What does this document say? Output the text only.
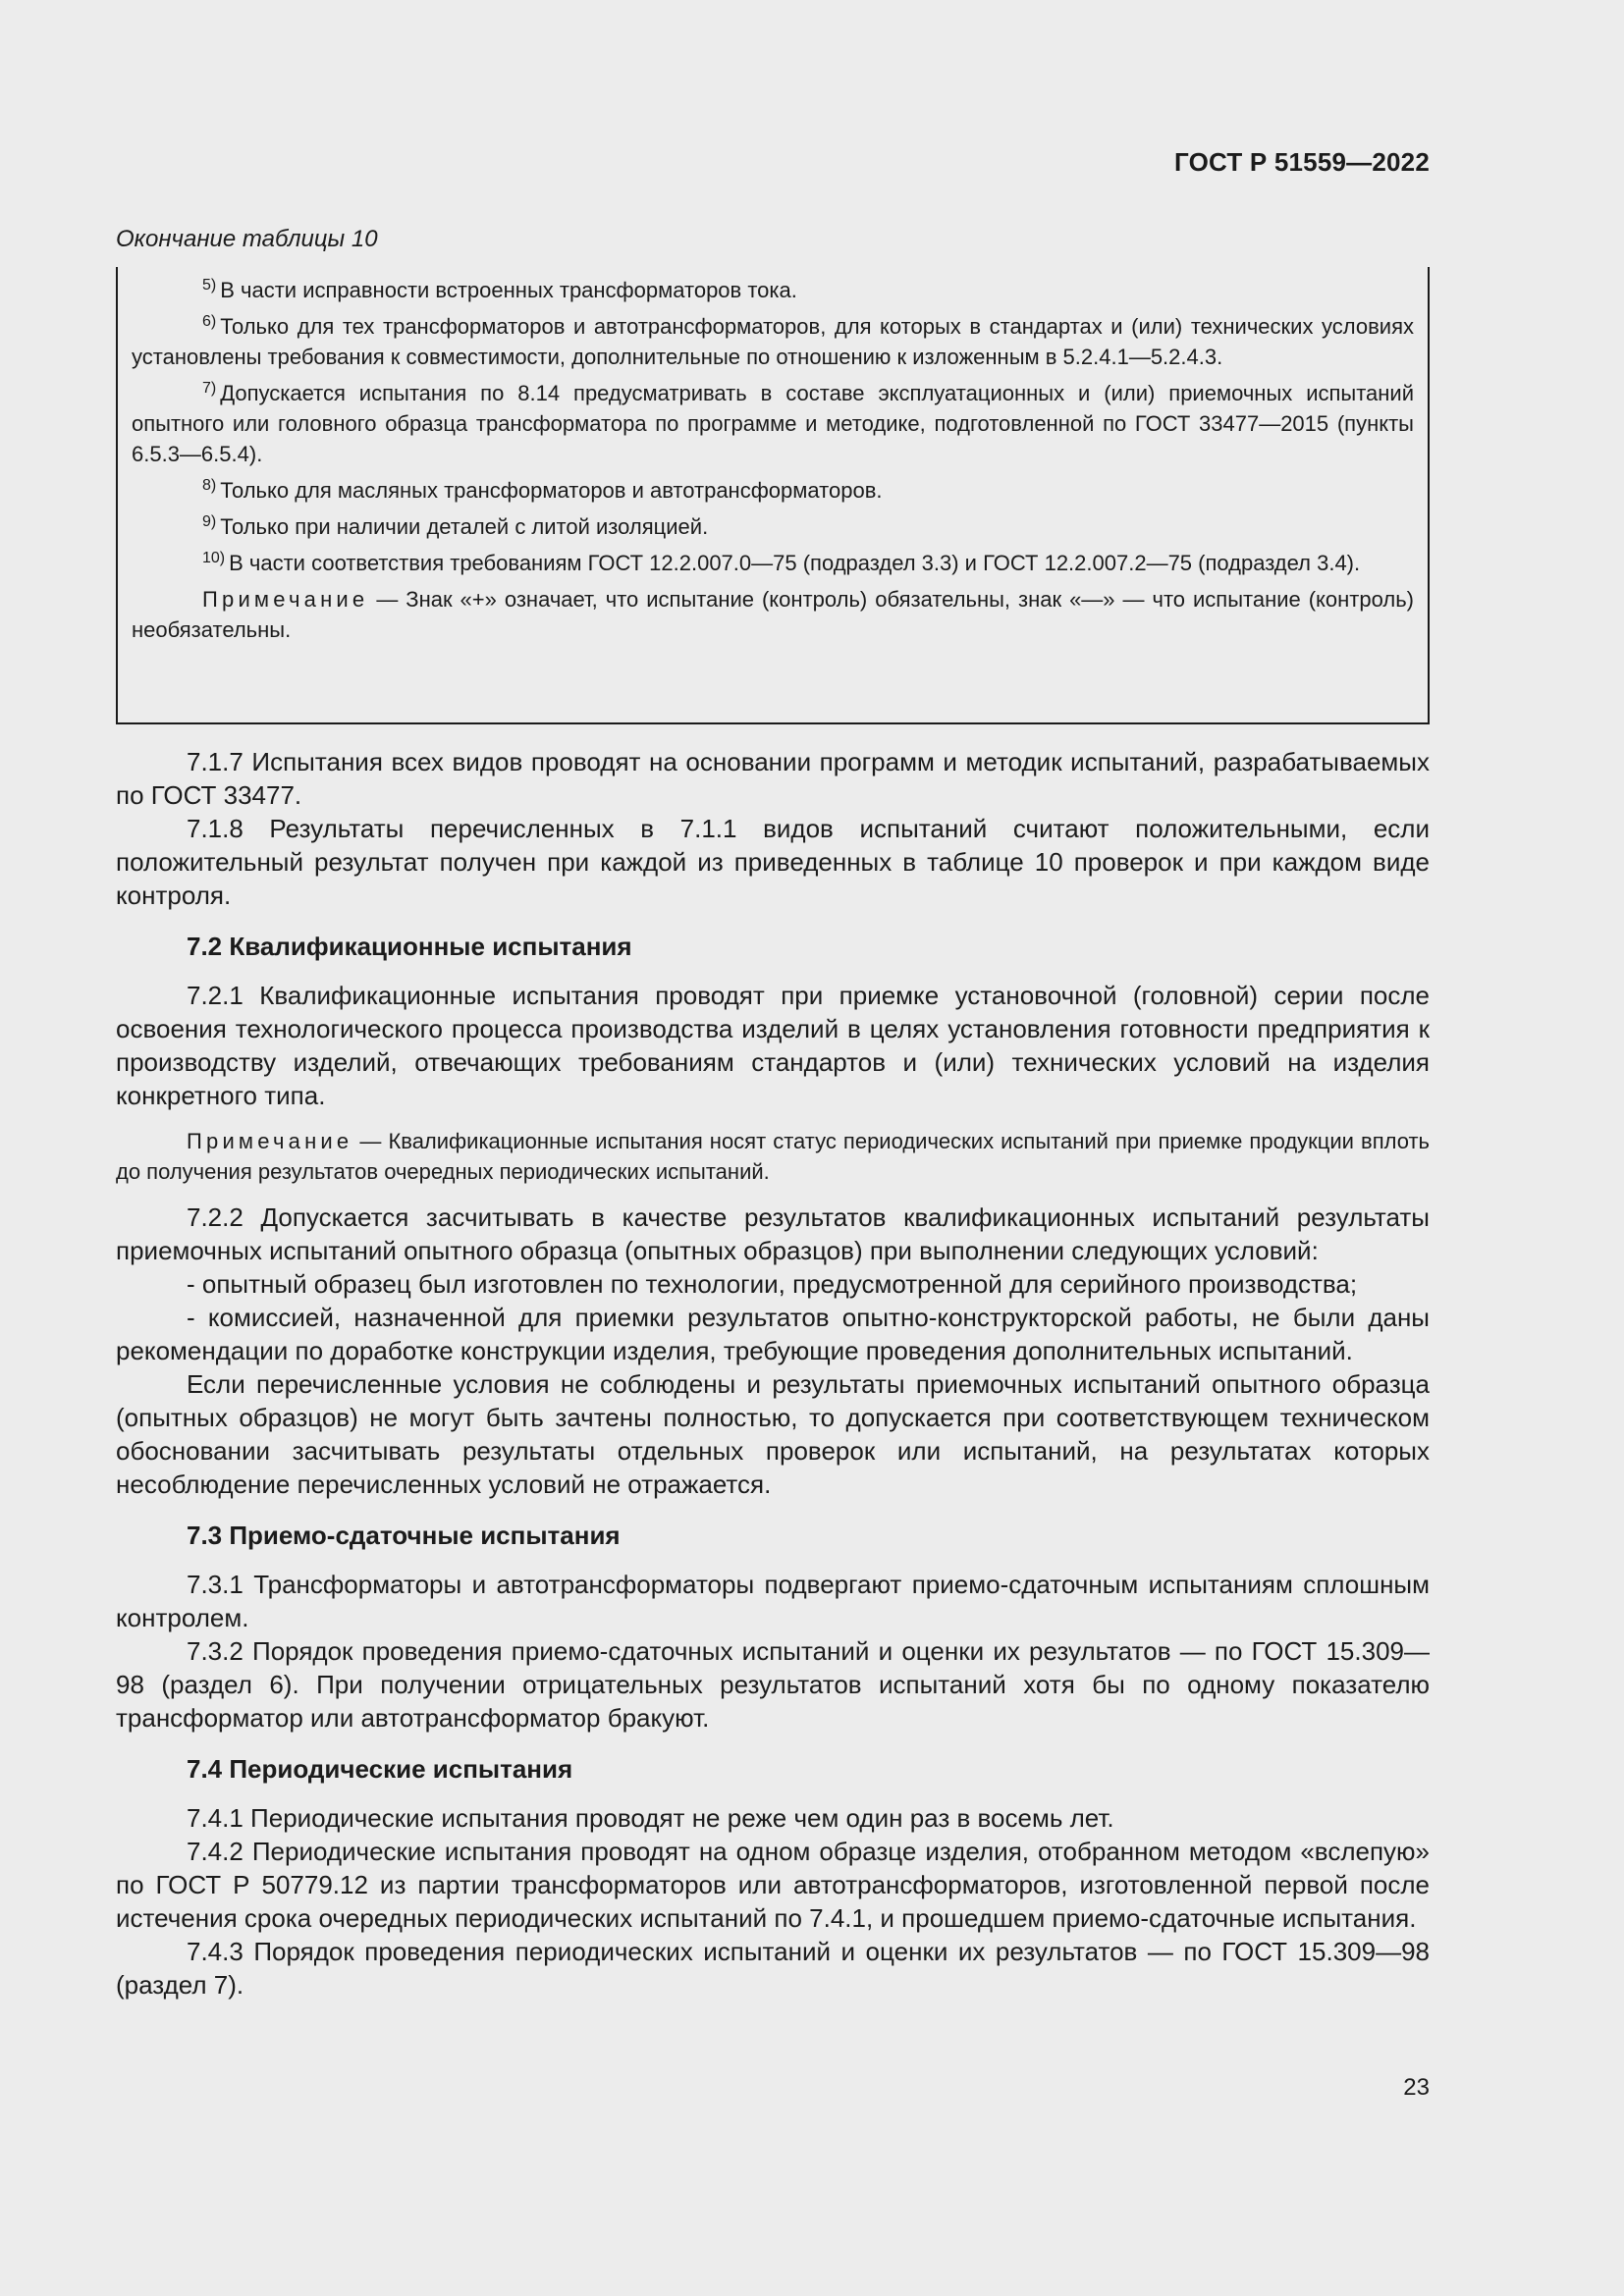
ГОСТ Р 51559—2022
Окончание таблицы 10

$^{5)}$ В части исправности встроенных трансформаторов тока.

$^{6)}$ Только для тех трансформаторов и автотрансформаторов, для которых в стандартах и (или) технических условиях установлены требования к совместимости, дополнительные по отношению к изложенным в 5.2.4.1—5.2.4.3.

$^{7)}$ Допускается испытания по 8.14 предусматривать в составе эксплуатационных и (или) приемочных испытаний опытного или головного образца трансформатора по программе и методике, подготовленной по ГОСТ 33477—2015 (пункты 6.5.3—6.5.4).

$^{8)}$ Только для масляных трансформаторов и автотрансформаторов.

$^{9)}$ Только при наличии деталей с литой изоляцией.

$^{10)}$ В части соответствия требованиям ГОСТ 12.2.007.0—75 (подраздел 3.3) и ГОСТ 12.2.007.2—75 (подраздел 3.4).

Примечание — Знак «+» означает, что испытание (контроль) обязательны, знак «—» — что испытание (контроль) необязательны.

7.1.7 Испытания всех видов проводят на основании программ и методик испытаний, разрабатываемых по ГОСТ 33477.

7.1.8 Результаты перечисленных в 7.1.1 видов испытаний считают положительными, если положительный результат получен при каждой из приведенных в таблице 10 проверок и при каждом виде контроля.

7.2 Квалификационные испытания

7.2.1 Квалификационные испытания проводят при приемке установочной (головной) серии после освоения технологического процесса производства изделий в целях установления готовности предприятия к производству изделий, отвечающих требованиям стандартов и (или) технических условий на изделия конкретного типа.

Примечание — Квалификационные испытания носят статус периодических испытаний при приемке продукции вплоть до получения результатов очередных периодических испытаний.

7.2.2 Допускается засчитывать в качестве результатов квалификационных испытаний результаты приемочных испытаний опытного образца (опытных образцов) при выполнении следующих условий:

- опытный образец был изготовлен по технологии, предусмотренной для серийного производства;

- комиссией, назначенной для приемки результатов опытно-конструкторской работы, не были даны рекомендации по доработке конструкции изделия, требующие проведения дополнительных испытаний.

Если перечисленные условия не соблюдены и результаты приемочных испытаний опытного образца (опытных образцов) не могут быть зачтены полностью, то допускается при соответствующем техническом обосновании засчитывать результаты отдельных проверок или испытаний, на результатах которых несоблюдение перечисленных условий не отражается.

7.3 Приемо-сдаточные испытания

7.3.1 Трансформаторы и автотрансформаторы подвергают приемо-сдаточным испытаниям сплошным контролем.

7.3.2 Порядок проведения приемо-сдаточных испытаний и оценки их результатов — по ГОСТ 15.309—98 (раздел 6). При получении отрицательных результатов испытаний хотя бы по одному показателю трансформатор или автотрансформатор бракуют.

7.4 Периодические испытания

7.4.1 Периодические испытания проводят не реже чем один раз в восемь лет.

7.4.2 Периодические испытания проводят на одном образце изделия, отобранном методом «вслепую» по ГОСТ Р 50779.12 из партии трансформаторов или автотрансформаторов, изготовленной первой после истечения срока очередных периодических испытаний по 7.4.1, и прошедшем приемо-сдаточные испытания.

7.4.3 Порядок проведения периодических испытаний и оценки их результатов — по ГОСТ 15.309—98 (раздел 7).

23
